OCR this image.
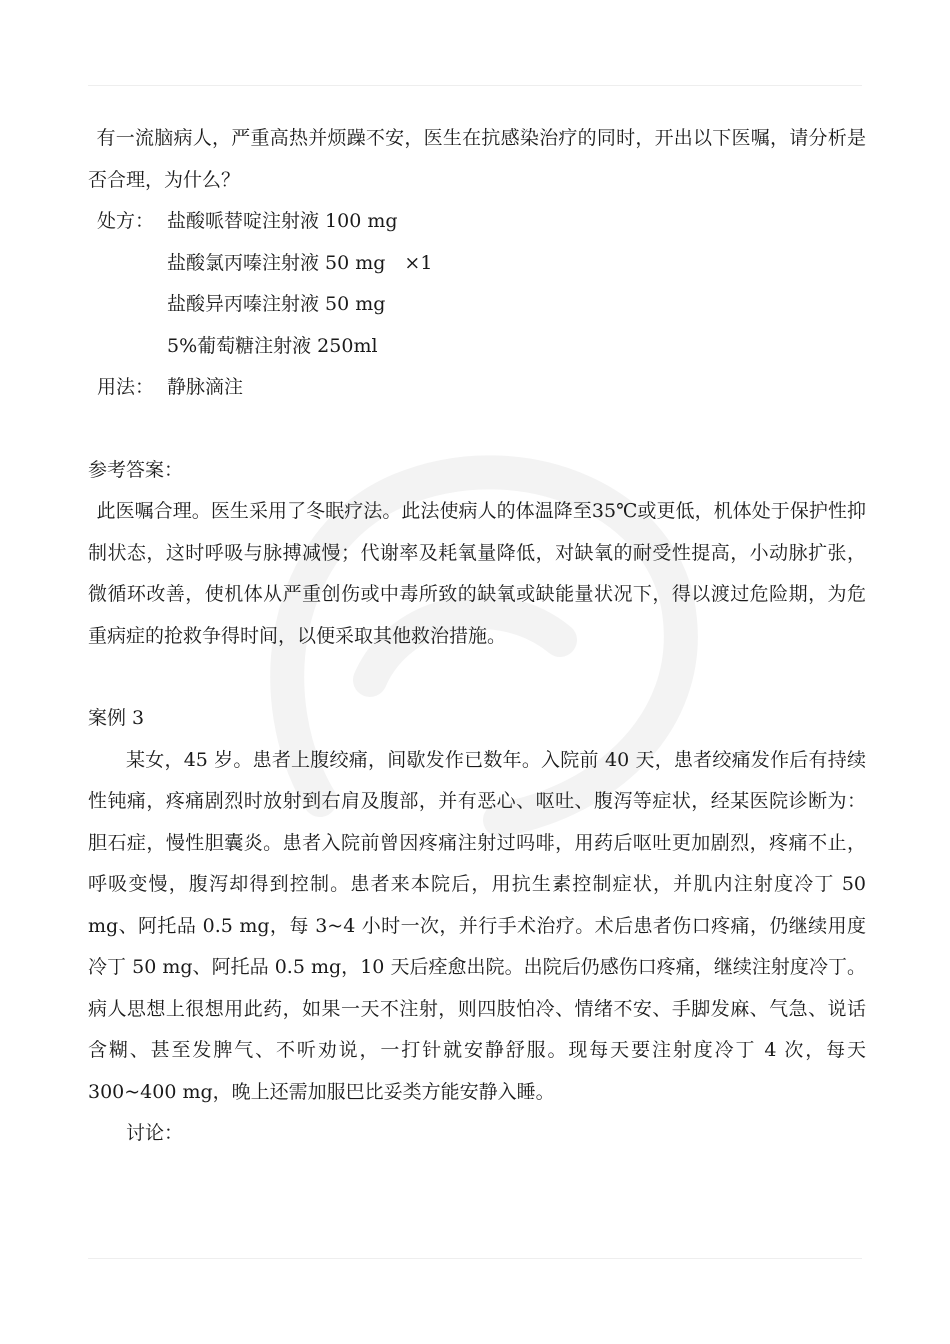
有一流脑病人，严重高热并烦躁不安，医生在抗感染治疗的同时，开出以下医嘱，请分析是否合理，为什么？

处方： 盐酸哌替啶注射液 100 mg

盐酸氯丙嗪注射液 50 mg　×1

盐酸异丙嗪注射液 50 mg

5%葡萄糖注射液 250ml

用法： 静脉滴注

参考答案：

此医嘱合理。医生采用了冬眠疗法。此法使病人的体温降至35℃或更低，机体处于保护性抑制状态，这时呼吸与脉搏减慢；代谢率及耗氧量降低，对缺氧的耐受性提高，小动脉扩张，微循环改善，使机体从严重创伤或中毒所致的缺氧或缺能量状况下，得以渡过危险期，为危重病症的抢救争得时间，以便采取其他救治措施。

案例 3

某女，45 岁。患者上腹绞痛，间歇发作已数年。入院前 40 天，患者绞痛发作后有持续性钝痛，疼痛剧烈时放射到右肩及腹部，并有恶心、呕吐、腹泻等症状，经某医院诊断为：胆石症，慢性胆囊炎。患者入院前曾因疼痛注射过吗啡，用药后呕吐更加剧烈，疼痛不止，呼吸变慢，腹泻却得到控制。患者来本院后，用抗生素控制症状，并肌内注射度冷丁 50 mg、阿托品 0.5 mg，每 3~4 小时一次，并行手术治疗。术后患者伤口疼痛，仍继续用度冷丁 50 mg、阿托品 0.5 mg，10 天后痊愈出院。出院后仍感伤口疼痛，继续注射度冷丁。病人思想上很想用此药，如果一天不注射，则四肢怕冷、情绪不安、手脚发麻、气急、说话含糊、甚至发脾气、不听劝说，一打针就安静舒服。现每天要注射度冷丁 4 次，每天 300~400 mg，晚上还需加服巴比妥类方能安静入睡。

讨论：
